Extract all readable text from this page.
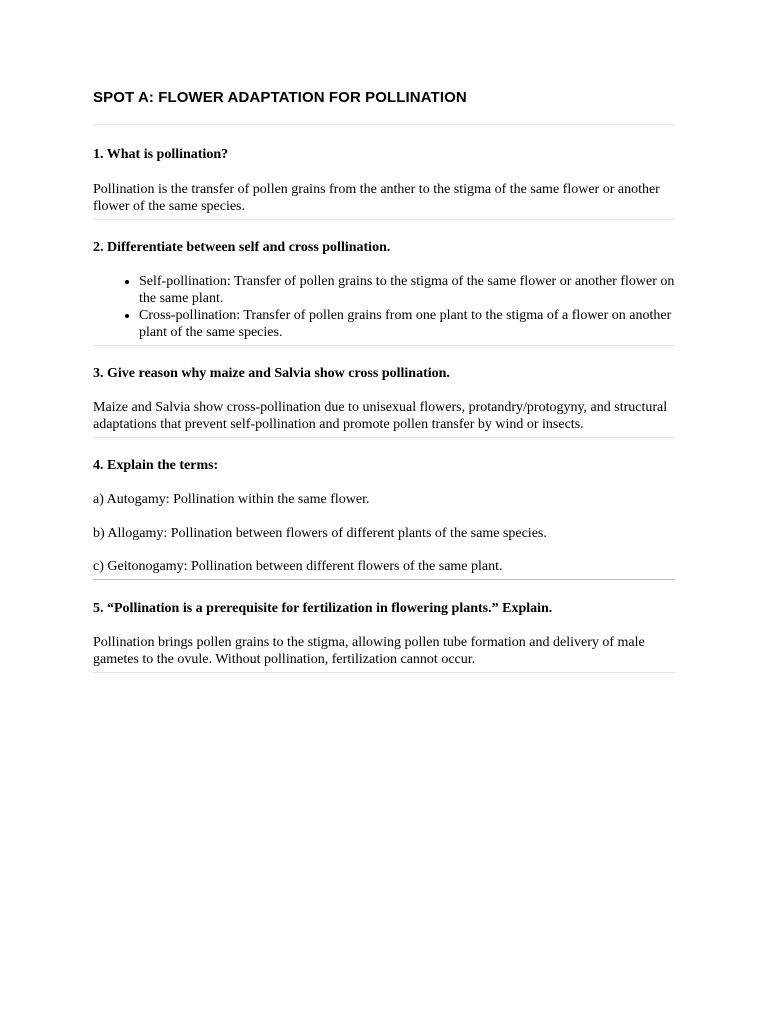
SPOT A: FLOWER ADAPTATION FOR POLLINATION

1. What is pollination?

Pollination is the transfer of pollen grains from the anther to the stigma of the same flower or another flower of the same species.

2. Differentiate between self and cross pollination.

• Self-pollination: Transfer of pollen grains to the stigma of the same flower or another flower on the same plant.
• Cross-pollination: Transfer of pollen grains from one plant to the stigma of a flower on another plant of the same species.

3. Give reason why maize and Salvia show cross pollination.

Maize and Salvia show cross-pollination due to unisexual flowers, protandry/protogyny, and structural adaptations that prevent self-pollination and promote pollen transfer by wind or insects.

4. Explain the terms:

a) Autogamy: Pollination within the same flower.

b) Allogamy: Pollination between flowers of different plants of the same species.

c) Geitonogamy: Pollination between different flowers of the same plant.

5. “Pollination is a prerequisite for fertilization in flowering plants.” Explain.

Pollination brings pollen grains to the stigma, allowing pollen tube formation and delivery of male gametes to the ovule. Without pollination, fertilization cannot occur.
